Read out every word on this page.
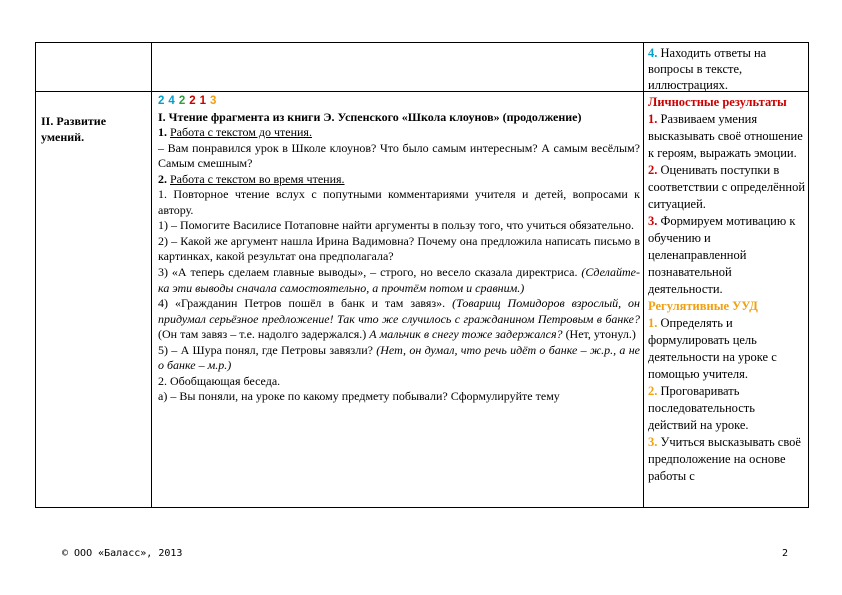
4. Находить ответы на вопросы в тексте, иллюстрациях.
II. Развитие умений.

2 4 2 2 1 3

I. Чтение фрагмента из книги Э. Успенского «Школа клоунов» (продолжение)

1. Работа с текстом до чтения.

– Вам понравился урок в Школе клоунов? Что было самым интересным? А самым весёлым? Самым смешным?

2. Работа с текстом во время чтения.

1. Повторное чтение вслух с попутными комментариями учителя и детей, вопросами к автору.

1) – Помогите Василисе Потаповне найти аргументы в пользу того, что учиться обязательно.

2) – Какой же аргумент нашла Ирина Вадимовна? Почему она предложила написать письмо в картинках, какой результат она предполагала?

3) «А теперь сделаем главные выводы», – строго, но весело сказала директриса. (Сделайте-ка эти выводы сначала самостоятельно, а прочтём потом и сравним.)

4) «Гражданин Петров пошёл в банк и там завяз». (Товарищ Помидоров взрослый, он придумал серьёзное предложение! Так что же случилось с гражданином Петровым в банке? (Он там завяз – т.е. надолго задержался.) А мальчик в снегу тоже задержался? (Нет, утонул.)

5) – А Шура понял, где Петровы завязли? (Нет, он думал, что речь идёт о банке – ж.р., а не о банке – м.р.)

2. Обобщающая беседа.

а) – Вы поняли, на уроке по какому предмету побывали? Сформулируйте тему

Личностные результаты

1. Развиваем умения высказывать своё отношение к героям, выражать эмоции.

2. Оценивать поступки в соответствии с определённой ситуацией.

3. Формируем мотивацию к обучению и целенаправленной познавательной деятельности.

Регулятивные УУД

1. Определять и формулировать цель деятельности на уроке с помощью учителя.

2. Проговаривать последовательность действий на уроке.

3. Учиться высказывать своё предположение на основе работы с

© ООО «Баласс», 2013	2
